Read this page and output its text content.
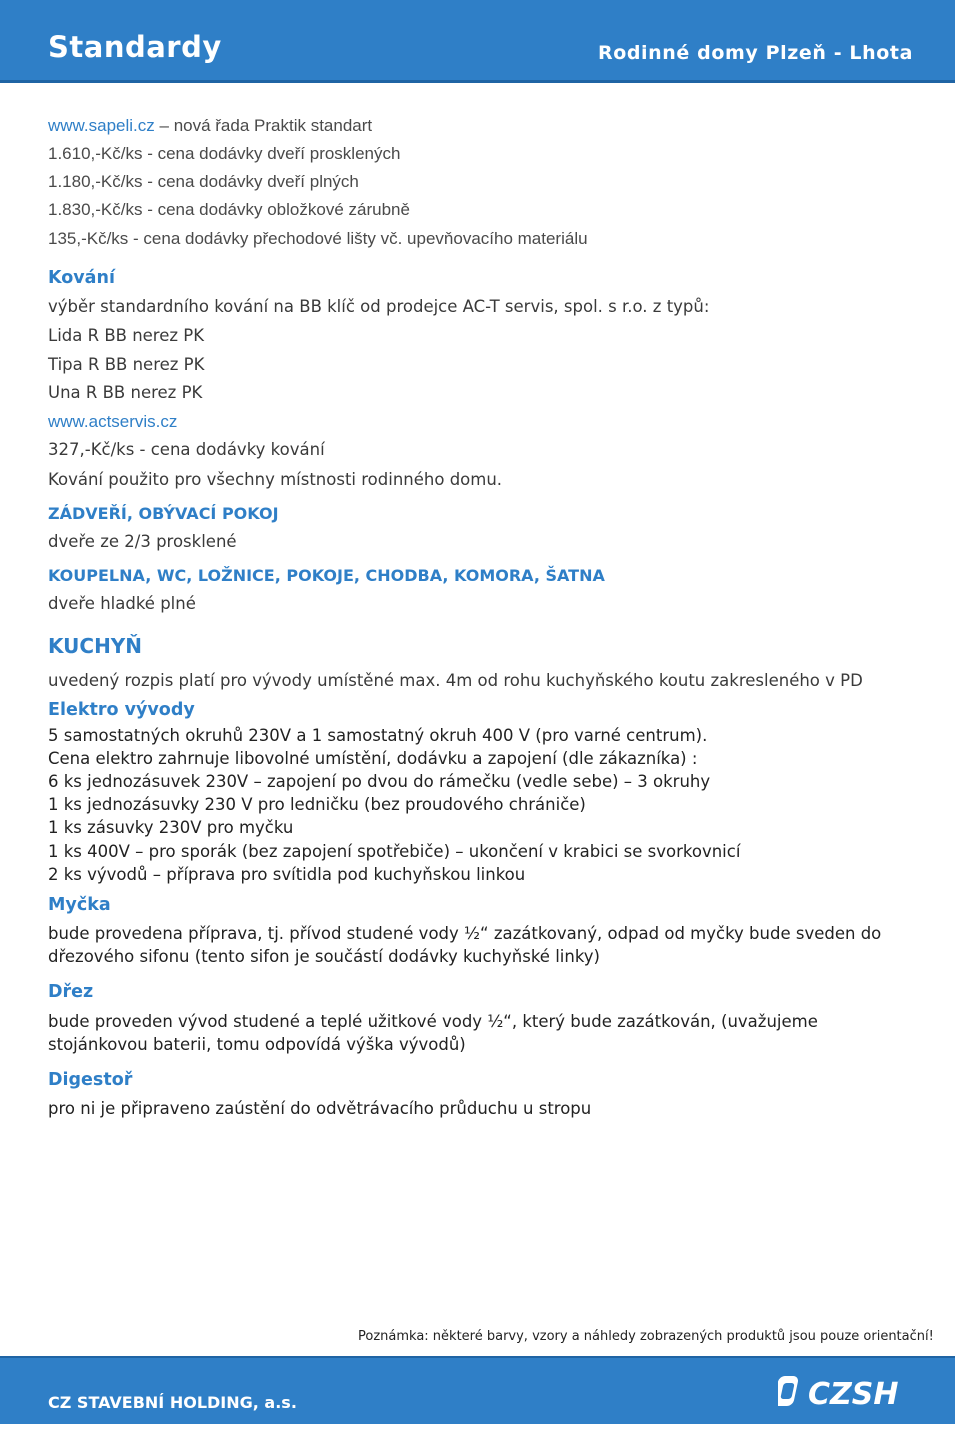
Standardy	Rodinné domy Plzeň - Lhota
www.sapeli.cz – nová řada Praktik standart
1.610,-Kč/ks - cena dodávky dveří prosklených
1.180,-Kč/ks - cena dodávky dveří plných
1.830,-Kč/ks - cena dodávky obložkové zárubně
135,-Kč/ks - cena dodávky přechodové lišty vč. upevňovacího materiálu
Kování
výběr standardního kování na BB klíč od prodejce AC-T servis, spol. s r.o. z typů:
Lida R BB nerez PK
Tipa R BB nerez PK
Una R BB nerez PK
www.actservis.cz
327,-Kč/ks - cena dodávky kování
Kování použito pro všechny místnosti rodinného domu.
ZÁDVEŘÍ, OBÝVACÍ POKOJ
dveře ze 2/3 prosklené
KOUPELNA, WC, LOŽNICE, POKOJE, CHODBA, KOMORA, ŠATNA
dveře hladké plné
KUCHYŇ
uvedený rozpis platí pro vývody umístěné max. 4m od rohu kuchyňského koutu zakresleného v PD
Elektro vývody
5 samostatných okruhů 230V a 1 samostatný okruh 400 V (pro varné centrum).
Cena elektro zahrnuje libovolné umístění, dodávku a zapojení (dle zákazníka) :
6 ks jednozásuvek 230V – zapojení po dvou do rámečku (vedle sebe) – 3 okruhy
1 ks jednozásuvky 230 V pro ledničku (bez proudového chrániče)
1 ks zásuvky 230V pro myčku
1 ks 400V – pro sporák (bez zapojení spotřebiče) – ukončení v krabici se svorkovnicí
2 ks vývodů – příprava pro svítidla pod kuchyňskou linkou
Myčka
bude provedena příprava, tj. přívod studené vody ½“ zazátkovaný, odpad od myčky bude sveden do
dřezového sifonu (tento sifon je součástí dodávky kuchyňské linky)
Dřez
bude proveden vývod studené a teplé užitkové vody ½“, který bude zazátkován, (uvažujeme
stojánkovou baterii, tomu odpovídá výška vývodů)
Digestoř
pro ni je připraveno zaústění do odvětrávacího průduchu u stropu
Poznámka: některé barvy, vzory a náhledy zobrazených produktů jsou pouze orientační!
CZ STAVEBNÍ HOLDING, a.s.	CZSH
